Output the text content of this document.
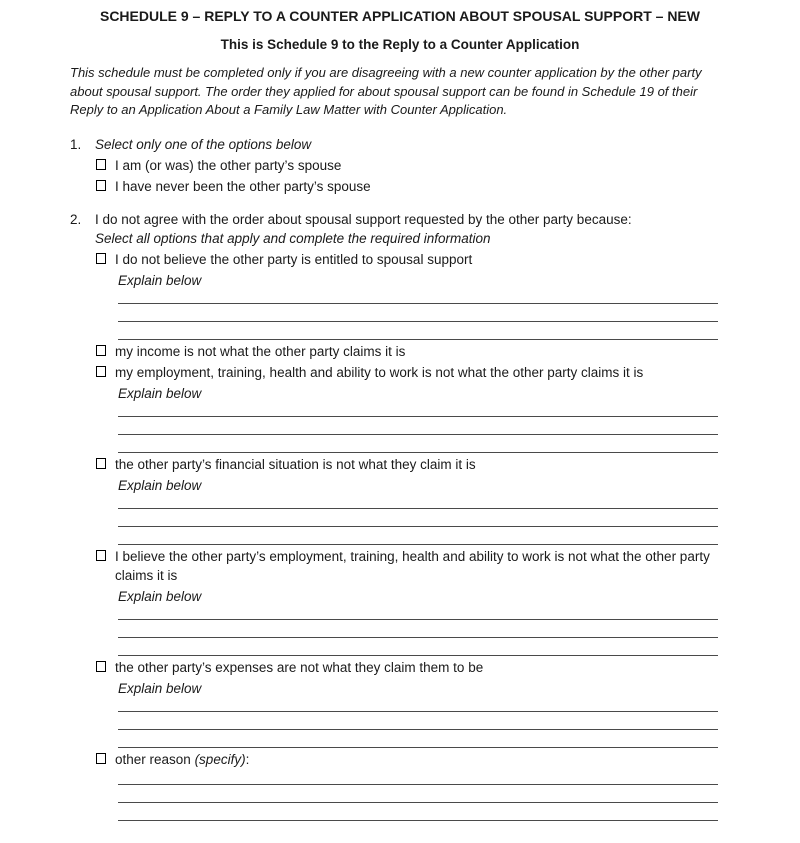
SCHEDULE 9 – REPLY TO A COUNTER APPLICATION ABOUT SPOUSAL SUPPORT – NEW
This is Schedule 9 to the Reply to a Counter Application
This schedule must be completed only if you are disagreeing with a new counter application by the other party
about spousal support. The order they applied for about spousal support can be found in Schedule 19 of their
Reply to an Application About a Family Law Matter with Counter Application.
1.	Select only one of the options below
I am (or was) the other party’s spouse
I have never been the other party’s spouse
2.	I do not agree with the order about spousal support requested by the other party because:
Select all options that apply and complete the required information
I do not believe the other party is entitled to spousal support
Explain below
my income is not what the other party claims it is
my employment, training, health and ability to work is not what the other party claims it is
Explain below
the other party’s financial situation is not what they claim it is
Explain below
I believe the other party’s employment, training, health and ability to work is not what the other party
claims it is
Explain below
the other party’s expenses are not what they claim them to be
Explain below
other reason (specify):
